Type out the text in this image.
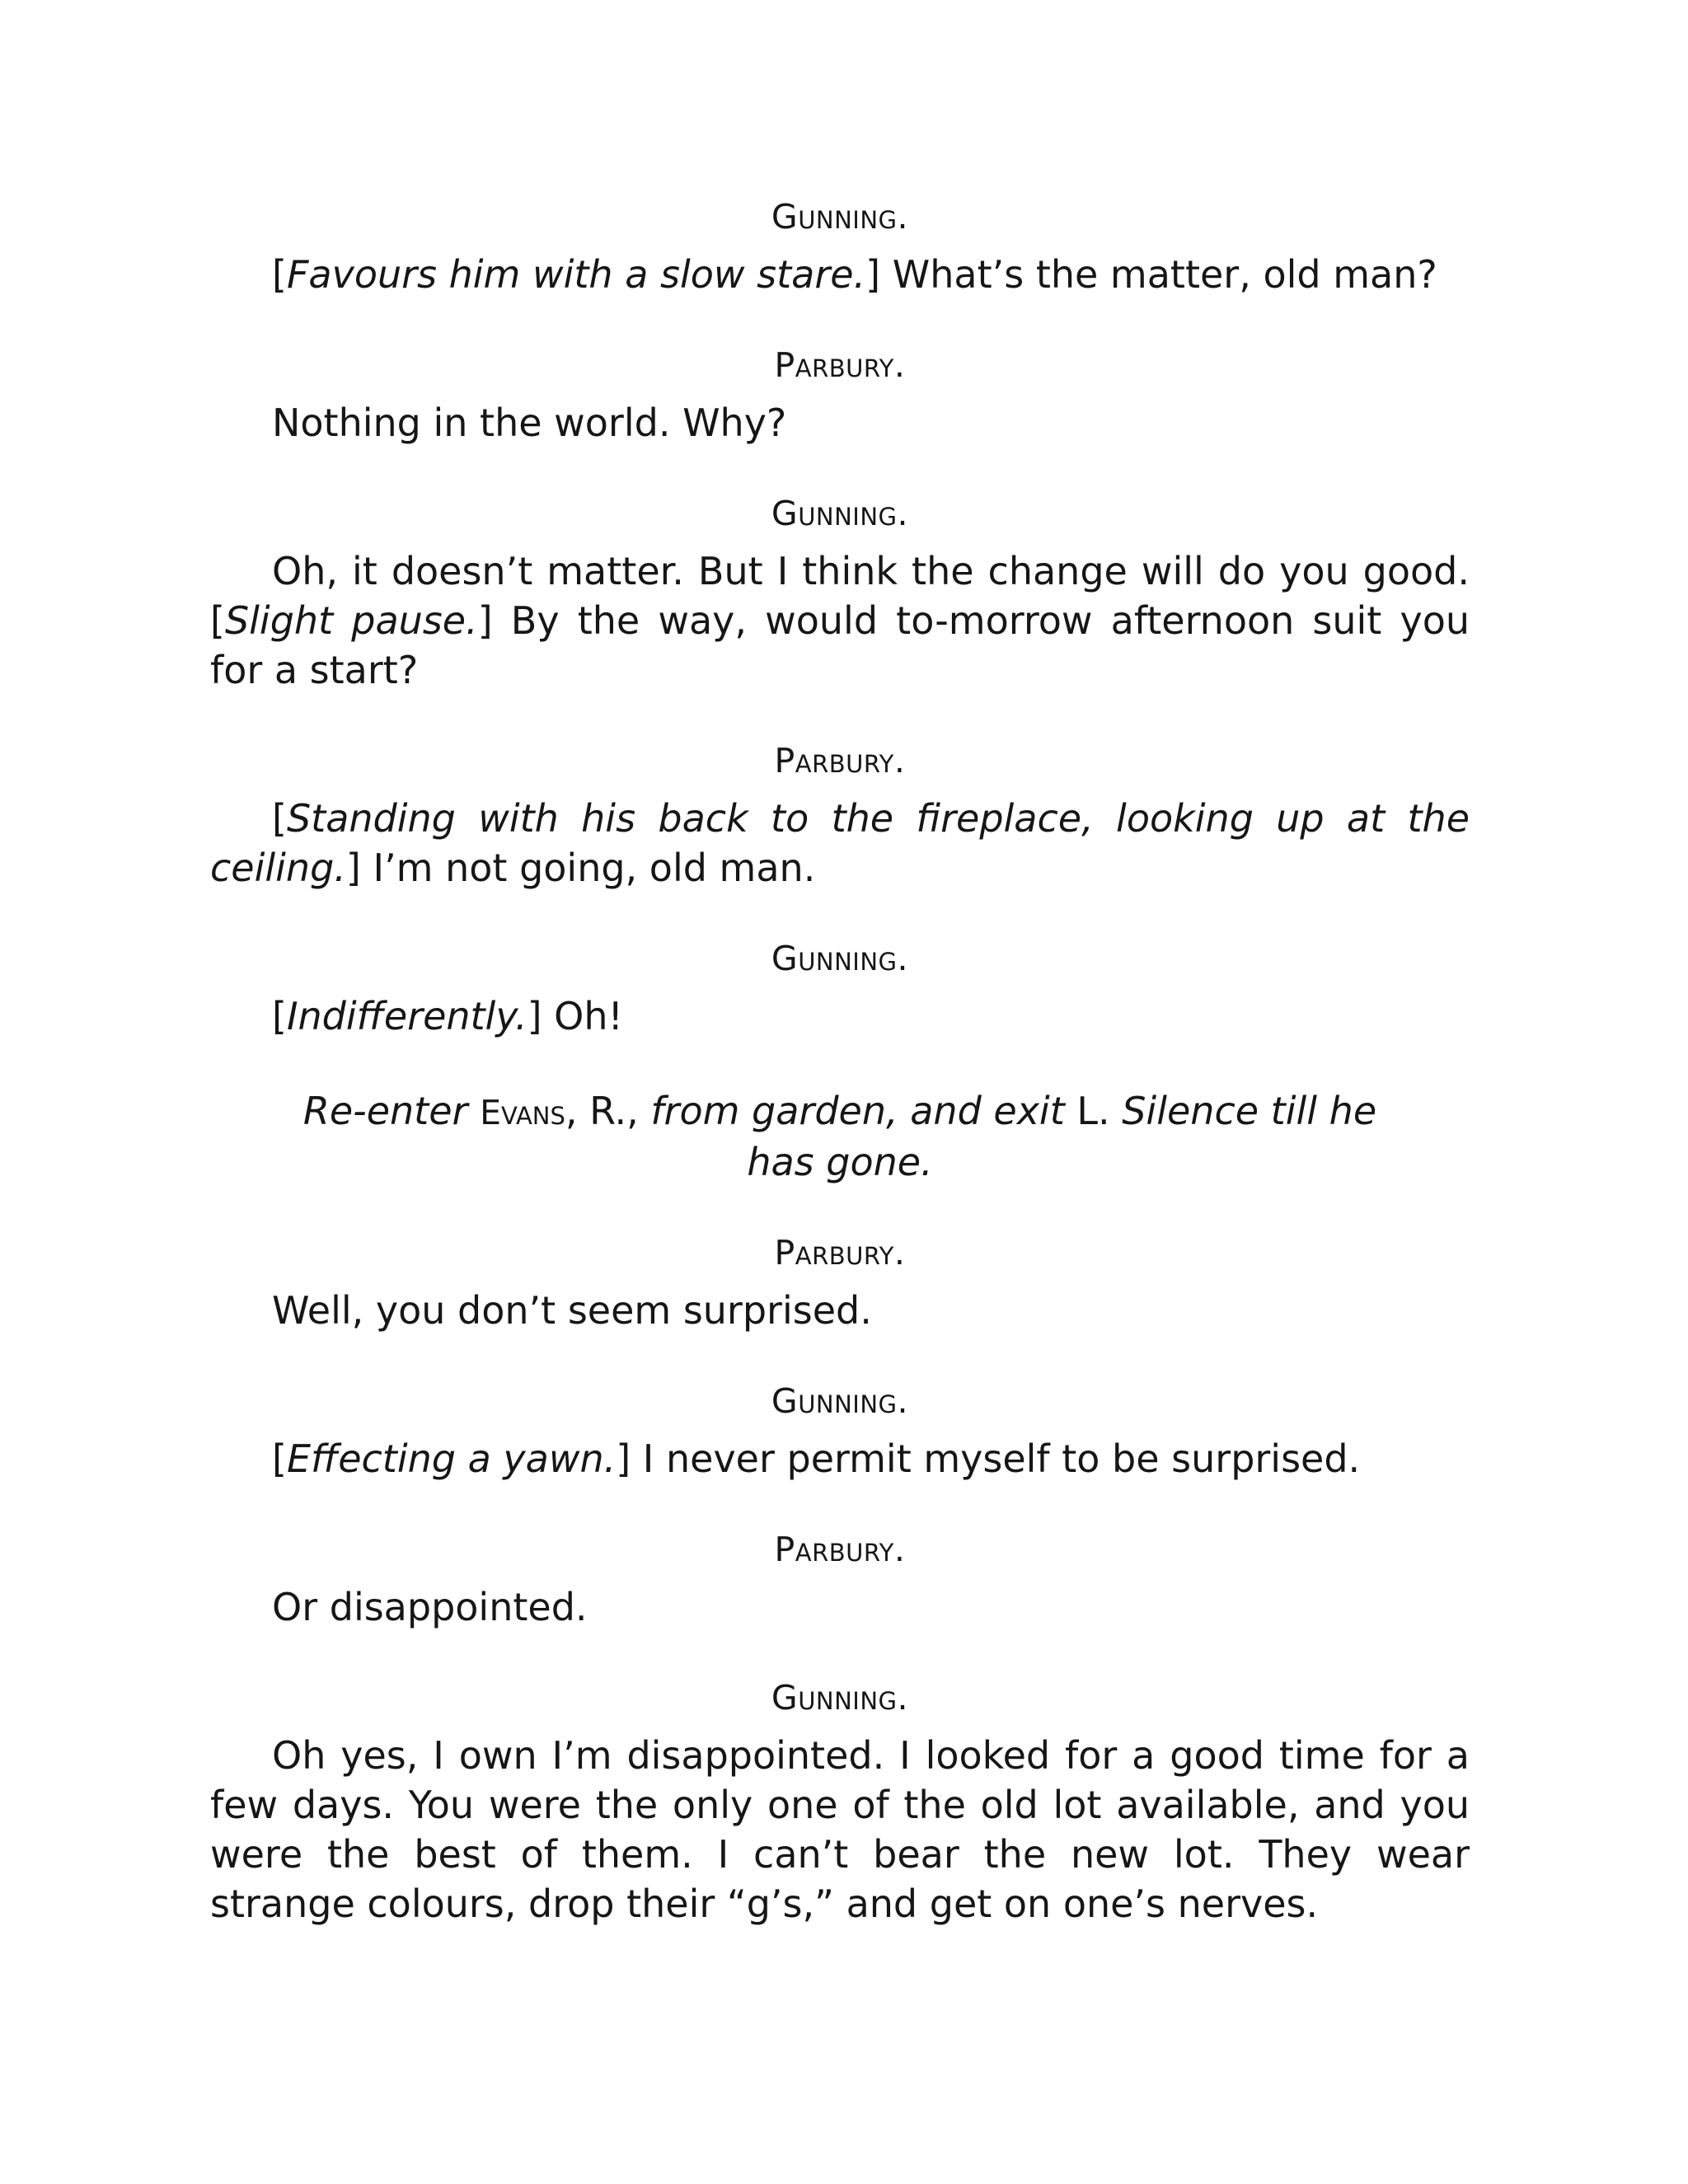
Gunning.

[Favours him with a slow stare.] What’s the matter, old man?

Parbury.

Nothing in the world. Why?

Gunning.

Oh, it doesn’t matter. But I think the change will do you good. [Slight pause.] By the way, would to-morrow afternoon suit you for a start?

Parbury.

[Standing with his back to the fireplace, looking up at the ceiling.] I’m not going, old man.

Gunning.

[Indifferently.] Oh!

Re-enter Evans, R., from garden, and exit L. Silence till he has gone.

Parbury.

Well, you don’t seem surprised.

Gunning.

[Effecting a yawn.] I never permit myself to be surprised.

Parbury.

Or disappointed.

Gunning.

Oh yes, I own I’m disappointed. I looked for a good time for a few days. You were the only one of the old lot available, and you were the best of them. I can’t bear the new lot. They wear strange colours, drop their “g’s,” and get on one’s nerves.
